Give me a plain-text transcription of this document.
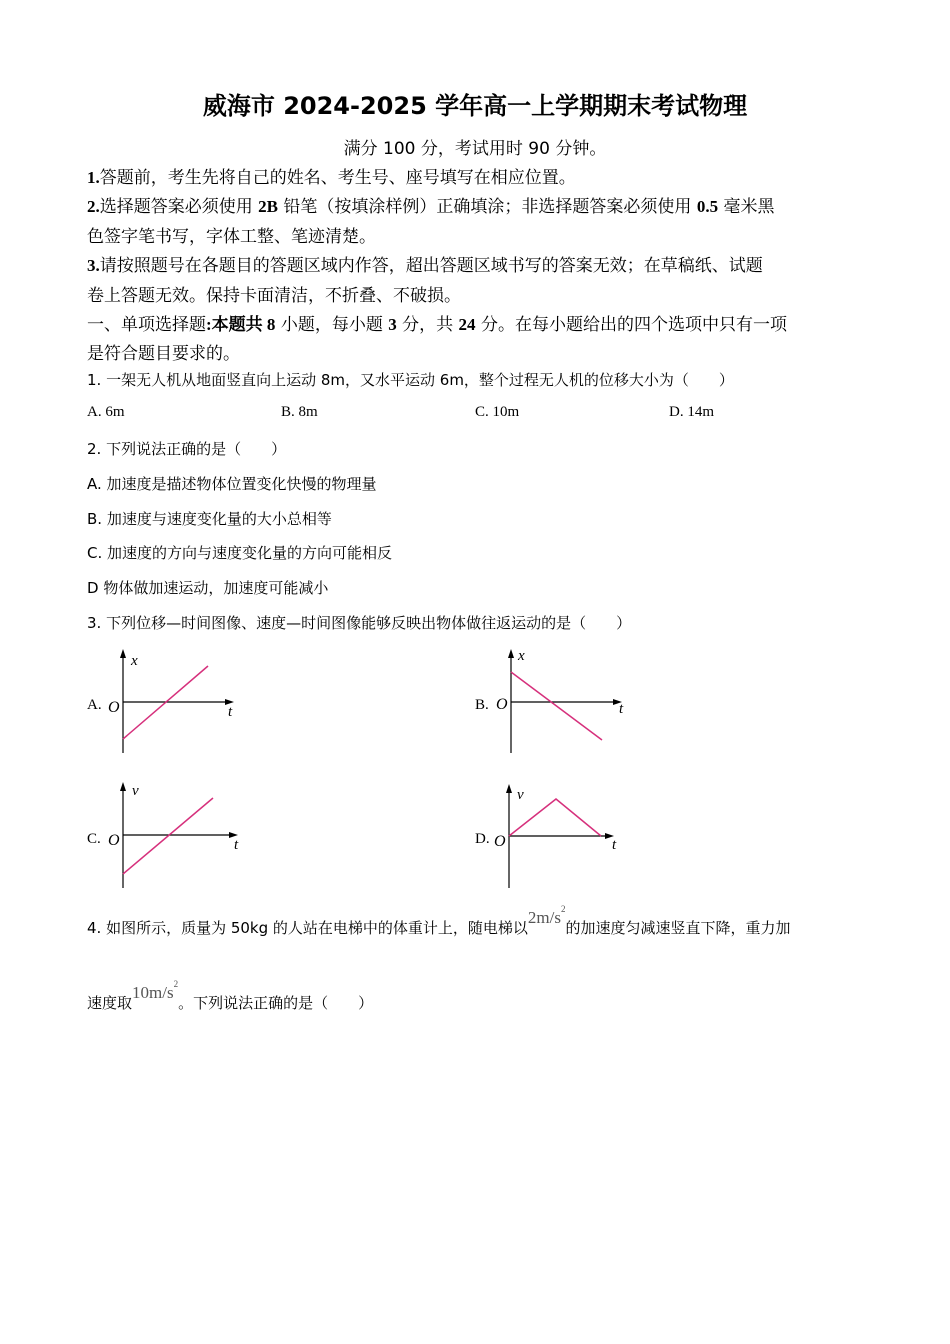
威海市 2024-2025 学年高一上学期期末考试物理
满分 100 分，考试用时 90 分钟。
1.答题前，考生先将自己的姓名、考生号、座号填写在相应位置。
2.选择题答案必须使用 2B 铅笔（按填涂样例）正确填涂；非选择题答案必须使用 0.5 毫米黑
色签字笔书写，字体工整、笔迹清楚。
3.请按照题号在各题目的答题区域内作答，超出答题区域书写的答案无效；在草稿纸、试题
卷上答题无效。保持卡面清洁，不折叠、不破损。
一、单项选择题:本题共 8 小题，每小题 3 分，共 24 分。在每小题给出的四个选项中只有一项
是符合题目要求的。
1. 一架无人机从地面竖直向上运动 8m，又水平运动 6m，整个过程无人机的位移大小为（　　）
A. 6m	B. 8m	C. 10m	D. 14m
2. 下列说法正确的是（　　）
A. 加速度是描述物体位置变化快慢的物理量
B. 加速度与速度变化量的大小总相等
C. 加速度的方向与速度变化量的方向可能相反
D 物体做加速运动，加速度可能减小
3. 下列位移—时间图像、速度—时间图像能够反映出物体做往返运动的是（　　）
A.
x
t
O	B.
x
t
O
C.
v
t
O	D.
v
t
O
4. 如图所示，质量为 50kg 的人站在电梯中的体重计上，随电梯以$2m/s^2$的加速度匀减速竖直下降，重力加
速度取$10m/s^2$。下列说法正确的是（　　）
